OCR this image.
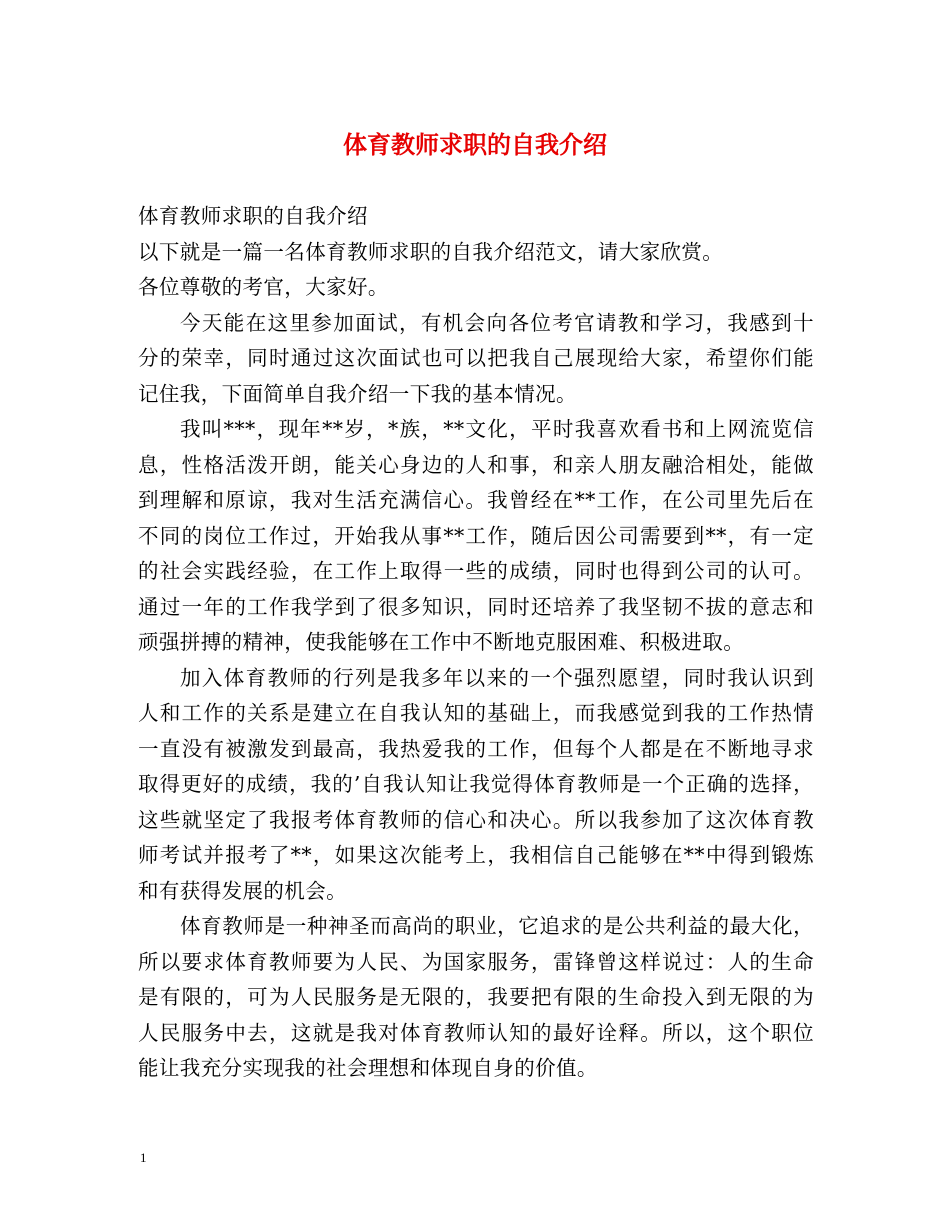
体育教师求职的自我介绍

体育教师求职的自我介绍

以下就是一篇一名体育教师求职的自我介绍范文，请大家欣赏。

各位尊敬的考官，大家好。

今天能在这里参加面试，有机会向各位考官请教和学习，我感到十

分的荣幸，同时通过这次面试也可以把我自己展现给大家，希望你们能

记住我，下面简单自我介绍一下我的基本情况。

我叫***，现年**岁，*族，**文化，平时我喜欢看书和上网流览信

息，性格活泼开朗，能关心身边的人和事，和亲人朋友融洽相处，能做

到理解和原谅，我对生活充满信心。我曾经在**工作，在公司里先后在

不同的岗位工作过，开始我从事**工作，随后因公司需要到**，有一定

的社会实践经验，在工作上取得一些的成绩，同时也得到公司的认可。

通过一年的工作我学到了很多知识，同时还培养了我坚韧不拔的意志和

顽强拼搏的精神，使我能够在工作中不断地克服困难、积极进取。

加入体育教师的行列是我多年以来的一个强烈愿望，同时我认识到

人和工作的关系是建立在自我认知的基础上，而我感觉到我的工作热情

一直没有被激发到最高，我热爱我的工作，但每个人都是在不断地寻求

取得更好的成绩，我的’自我认知让我觉得体育教师是一个正确的选择，

这些就坚定了我报考体育教师的信心和决心。所以我参加了这次体育教

师考试并报考了**，如果这次能考上，我相信自己能够在**中得到锻炼

和有获得发展的机会。

体育教师是一种神圣而高尚的职业，它追求的是公共利益的最大化，

所以要求体育教师要为人民、为国家服务，雷锋曾这样说过：人的生命

是有限的，可为人民服务是无限的，我要把有限的生命投入到无限的为

人民服务中去，这就是我对体育教师认知的最好诠释。所以，这个职位

能让我充分实现我的社会理想和体现自身的价值。

1
